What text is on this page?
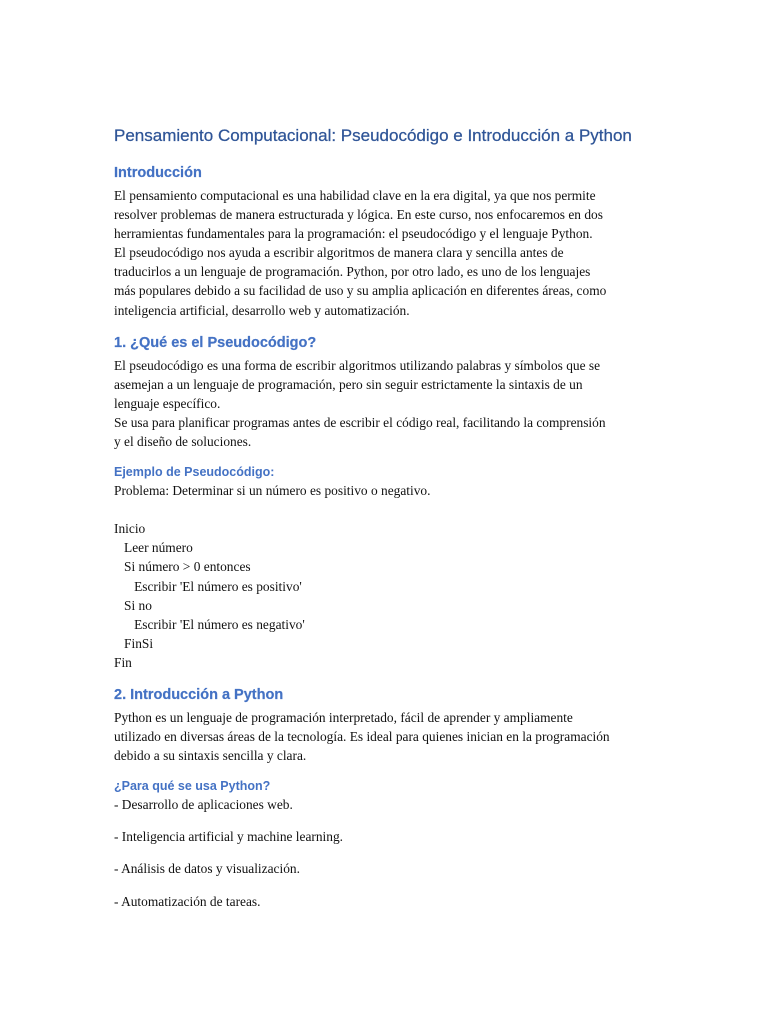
Pensamiento Computacional: Pseudocódigo e Introducción a Python
Introducción

El pensamiento computacional es una habilidad clave en la era digital, ya que nos permite

resolver problemas de manera estructurada y lógica. En este curso, nos enfocaremos en dos

herramientas fundamentales para la programación: el pseudocódigo y el lenguaje Python.

El pseudocódigo nos ayuda a escribir algoritmos de manera clara y sencilla antes de

traducirlos a un lenguaje de programación. Python, por otro lado, es uno de los lenguajes

más populares debido a su facilidad de uso y su amplia aplicación en diferentes áreas, como

inteligencia artificial, desarrollo web y automatización.

1. ¿Qué es el Pseudocódigo?

El pseudocódigo es una forma de escribir algoritmos utilizando palabras y símbolos que se

asemejan a un lenguaje de programación, pero sin seguir estrictamente la sintaxis de un

lenguaje específico.

Se usa para planificar programas antes de escribir el código real, facilitando la comprensión

y el diseño de soluciones.

Ejemplo de Pseudocódigo:

Problema: Determinar si un número es positivo o negativo.

Inicio

Leer número

Si número > 0 entonces

Escribir 'El número es positivo'

Si no

Escribir 'El número es negativo'

FinSi

Fin

2. Introducción a Python

Python es un lenguaje de programación interpretado, fácil de aprender y ampliamente

utilizado en diversas áreas de la tecnología. Es ideal para quienes inician en la programación

debido a su sintaxis sencilla y clara.

¿Para qué se usa Python?

- Desarrollo de aplicaciones web.

- Inteligencia artificial y machine learning.

- Análisis de datos y visualización.

- Automatización de tareas.
